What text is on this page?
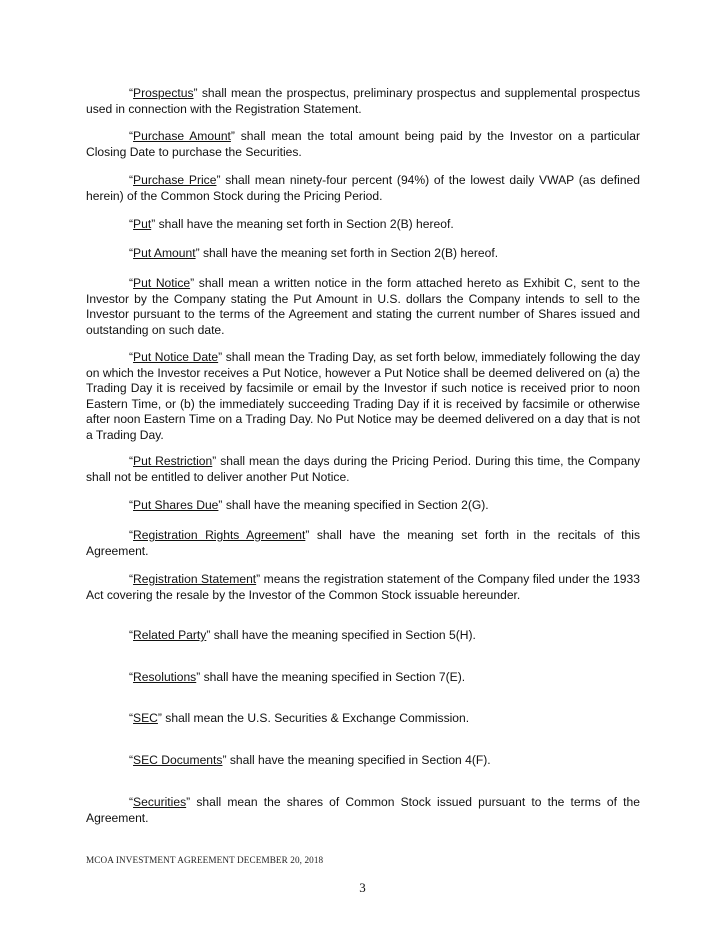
“Prospectus” shall mean the prospectus, preliminary prospectus and supplemental prospectus used in connection with the Registration Statement.

“Purchase Amount” shall mean the total amount being paid by the Investor on a particular Closing Date to purchase the Securities.

“Purchase Price” shall mean ninety-four percent (94%) of the lowest daily VWAP (as defined herein) of the Common Stock during the Pricing Period.

“Put” shall have the meaning set forth in Section 2(B) hereof.

“Put Amount” shall have the meaning set forth in Section 2(B) hereof.

“Put Notice” shall mean a written notice in the form attached hereto as Exhibit C, sent to the Investor by the Company stating the Put Amount in U.S. dollars the Company intends to sell to the Investor pursuant to the terms of the Agreement and stating the current number of Shares issued and outstanding on such date.

“Put Notice Date” shall mean the Trading Day, as set forth below, immediately following the day on which the Investor receives a Put Notice, however a Put Notice shall be deemed delivered on (a) the Trading Day it is received by facsimile or email by the Investor if such notice is received prior to noon Eastern Time, or (b) the immediately succeeding Trading Day if it is received by facsimile or otherwise after noon Eastern Time on a Trading Day. No Put Notice may be deemed delivered on a day that is not a Trading Day.

“Put Restriction” shall mean the days during the Pricing Period. During this time, the Company shall not be entitled to deliver another Put Notice.

“Put Shares Due” shall have the meaning specified in Section 2(G).

“Registration Rights Agreement” shall have the meaning set forth in the recitals of this Agreement.

“Registration Statement” means the registration statement of the Company filed under the 1933 Act covering the resale by the Investor of the Common Stock issuable hereunder.

“Related Party” shall have the meaning specified in Section 5(H).

“Resolutions” shall have the meaning specified in Section 7(E).

“SEC” shall mean the U.S. Securities & Exchange Commission.

“SEC Documents” shall have the meaning specified in Section 4(F).

“Securities” shall mean the shares of Common Stock issued pursuant to the terms of the Agreement.

MCOA INVESTMENT AGREEMENT DECEMBER 20, 2018
3
